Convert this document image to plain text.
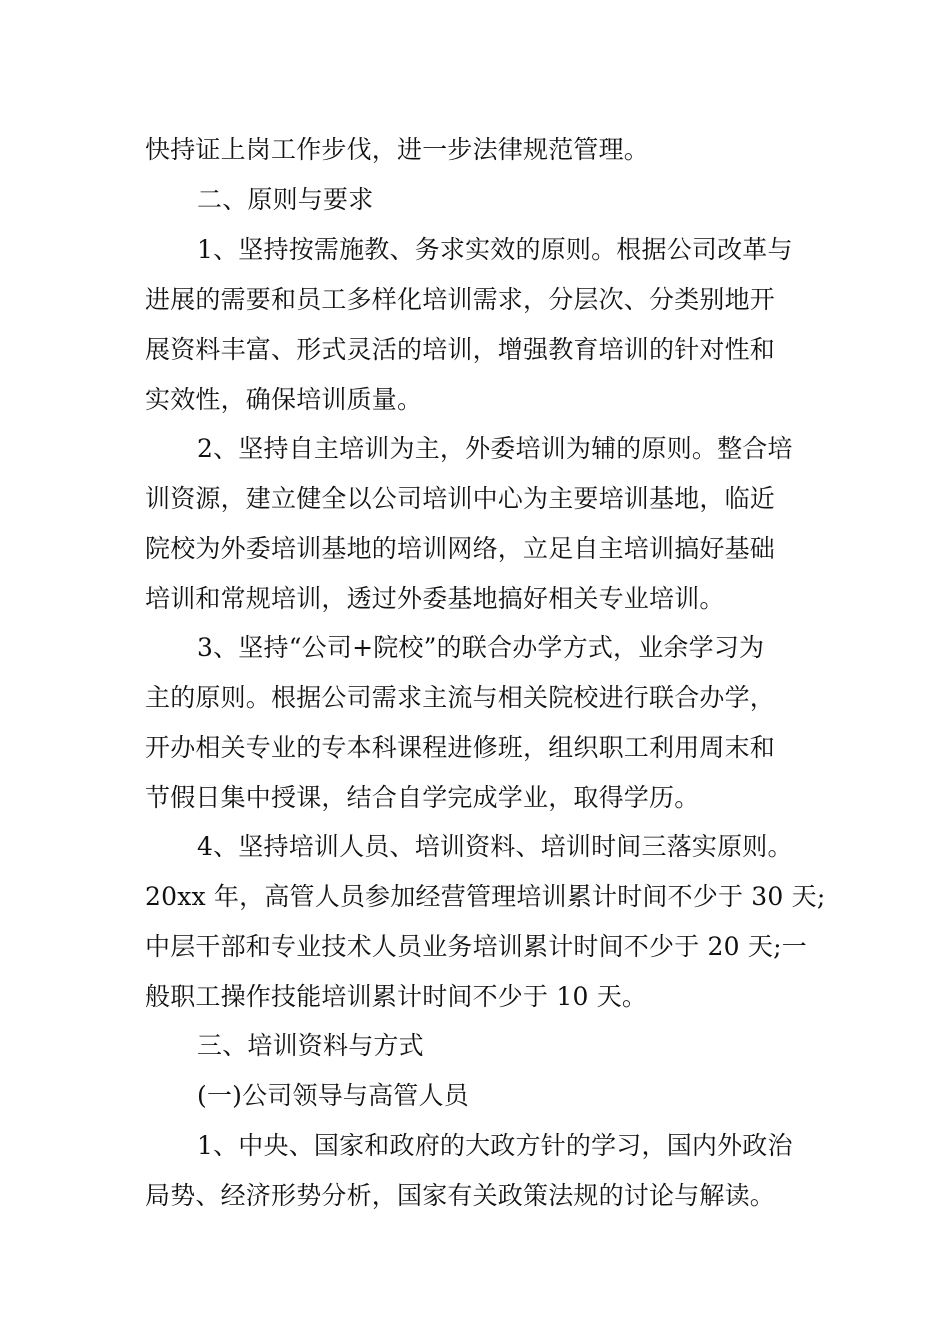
快持证上岗工作步伐，进一步法律规范管理。
二、原则与要求
1、坚持按需施教、务求实效的原则。根据公司改革与
进展的需要和员工多样化培训需求，分层次、分类别地开
展资料丰富、形式灵活的培训，增强教育培训的针对性和
实效性，确保培训质量。
2、坚持自主培训为主，外委培训为辅的原则。整合培
训资源，建立健全以公司培训中心为主要培训基地，临近
院校为外委培训基地的培训网络，立足自主培训搞好基础
培训和常规培训，透过外委基地搞好相关专业培训。
3、坚持“公司+院校”的联合办学方式，业余学习为
主的原则。根据公司需求主流与相关院校进行联合办学，
开办相关专业的专本科课程进修班，组织职工利用周末和
节假日集中授课，结合自学完成学业，取得学历。
4、坚持培训人员、培训资料、培训时间三落实原则。
20xx 年，高管人员参加经营管理培训累计时间不少于 30 天;
中层干部和专业技术人员业务培训累计时间不少于 20 天;一
般职工操作技能培训累计时间不少于 10 天。
三、培训资料与方式
(一)公司领导与高管人员
1、中央、国家和政府的大政方针的学习，国内外政治
局势、经济形势分析，国家有关政策法规的讨论与解读。
